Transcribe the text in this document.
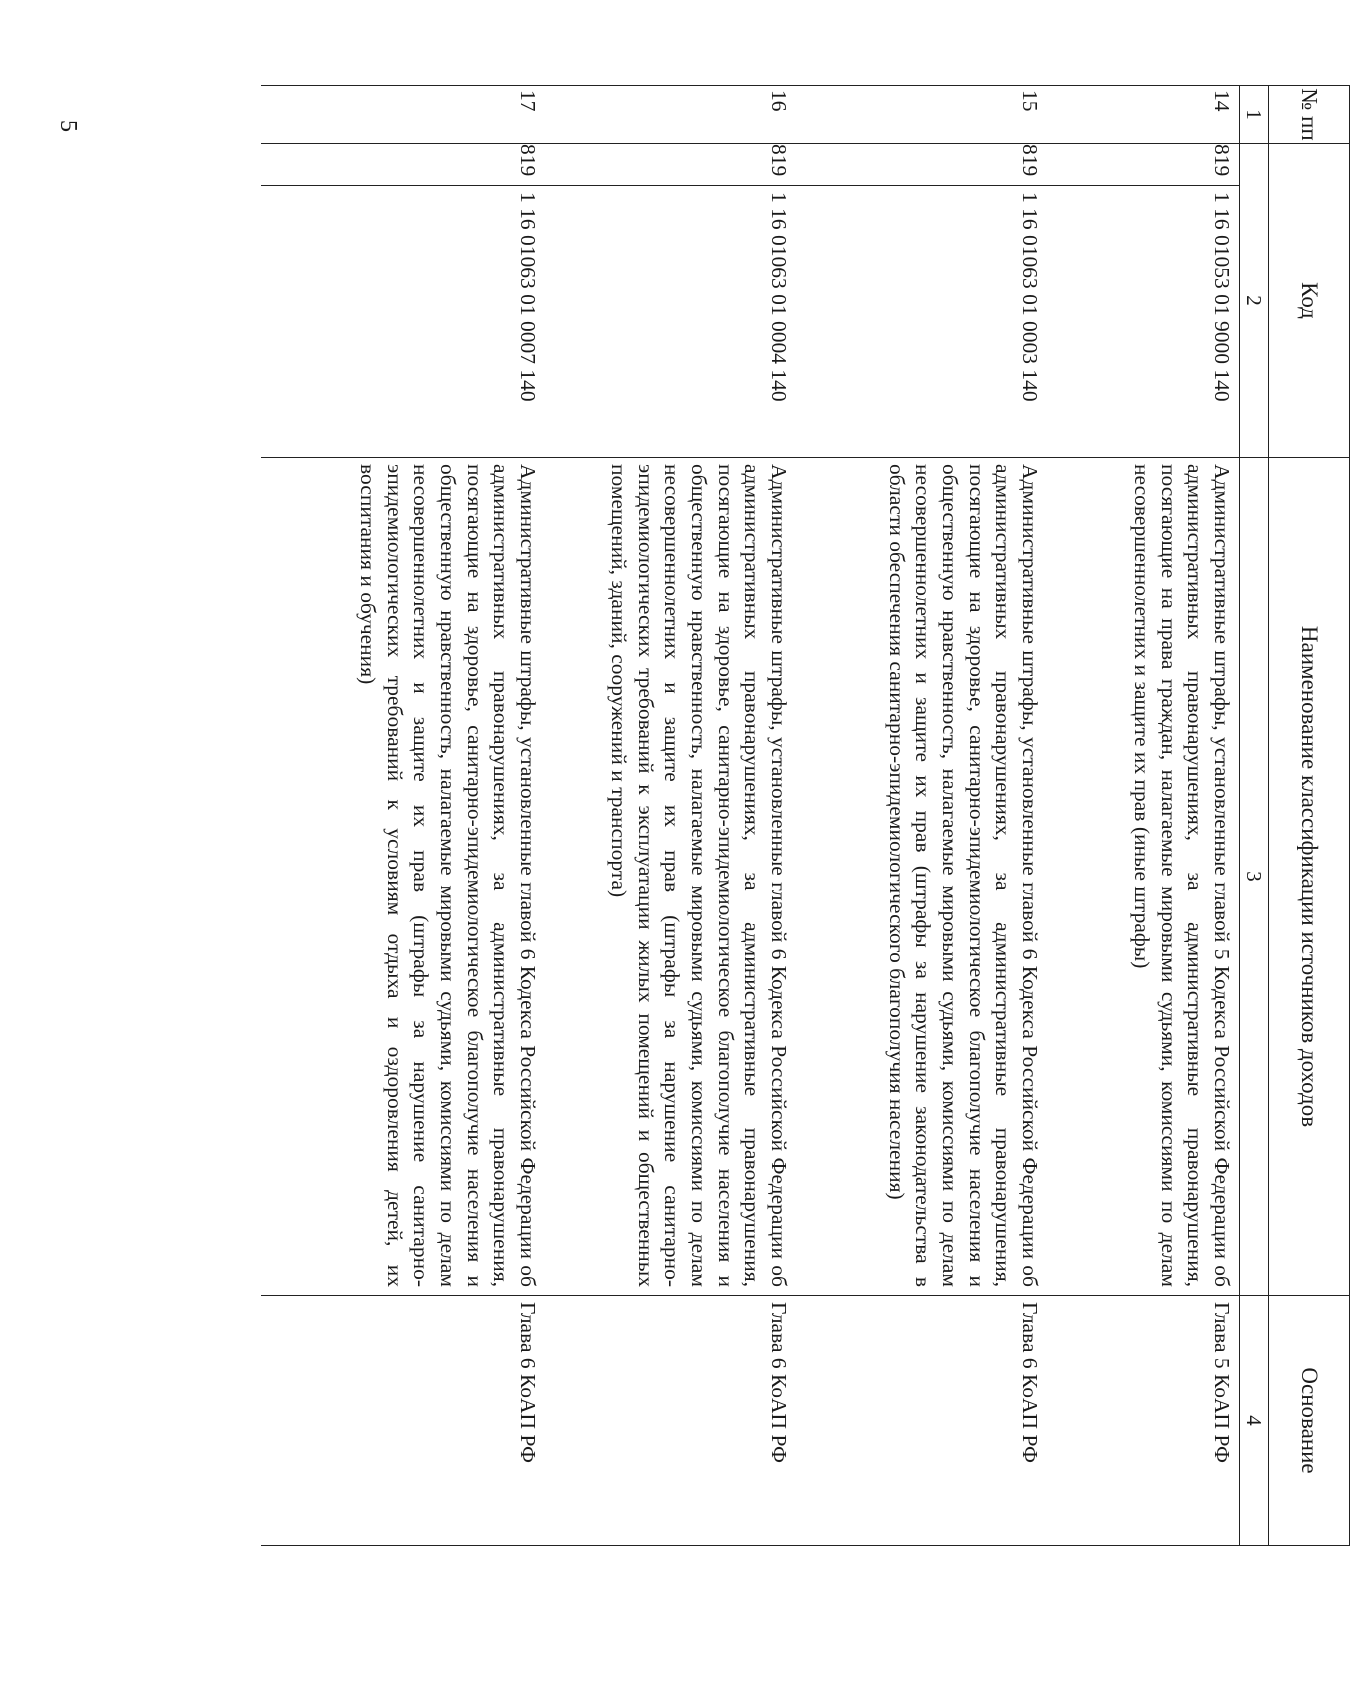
5	№ пп	Код		Наименование классификации источников доходов	Основание
1	2		3	4
14	819	1 16 01053 01 9000 140	Административные штрафы, установленные главой 5 Кодекса Российской Федерации об административных правонарушениях, за административные правонарушения, посягающие на права граждан, налагаемые мировыми судьями, комиссиями по делам несовершеннолетних и защите их прав (иные штрафы)	Глава 5 КоАП РФ
15	819	1 16 01063 01 0003 140	Административные штрафы, установленные главой 6 Кодекса Российской Федерации об административных правонарушениях, за административные правонарушения, посягающие на здоровье, санитарно-эпидемиологическое благополучие населения и общественную нравственность, налагаемые мировыми судьями, комиссиями по делам несовершеннолетних и защите их прав (штрафы за нарушение законодательства в области обеспечения санитарно-эпидемиологического благополучия населения)	Глава 6 КоАП РФ
16	819	1 16 01063 01 0004 140	Административные штрафы, установленные главой 6 Кодекса Российской Федерации об административных правонарушениях, за административные правонарушения, посягающие на здоровье, санитарно-эпидемиологическое благополучие населения и общественную нравственность, налагаемые мировыми судьями, комиссиями по делам несовершеннолетних и защите их прав (штрафы за нарушение санитарно-эпидемиологических требований к эксплуатации жилых помещений и общественных помещений, зданий, сооружений и транспорта)	Глава 6 КоАП РФ
17	819	1 16 01063 01 0007 140	Административные штрафы, установленные главой 6 Кодекса Российской Федерации об административных правонарушениях, за административные правонарушения, посягающие на здоровье, санитарно-эпидемиологическое благополучие населения и общественную нравственность, налагаемые мировыми судьями, комиссиями по делам несовершеннолетних и защите их прав (штрафы за нарушение санитарно-эпидемиологических требований к условиям отдыха и оздоровления детей, их воспитания и обучения)	Глава 6 КоАП РФ
